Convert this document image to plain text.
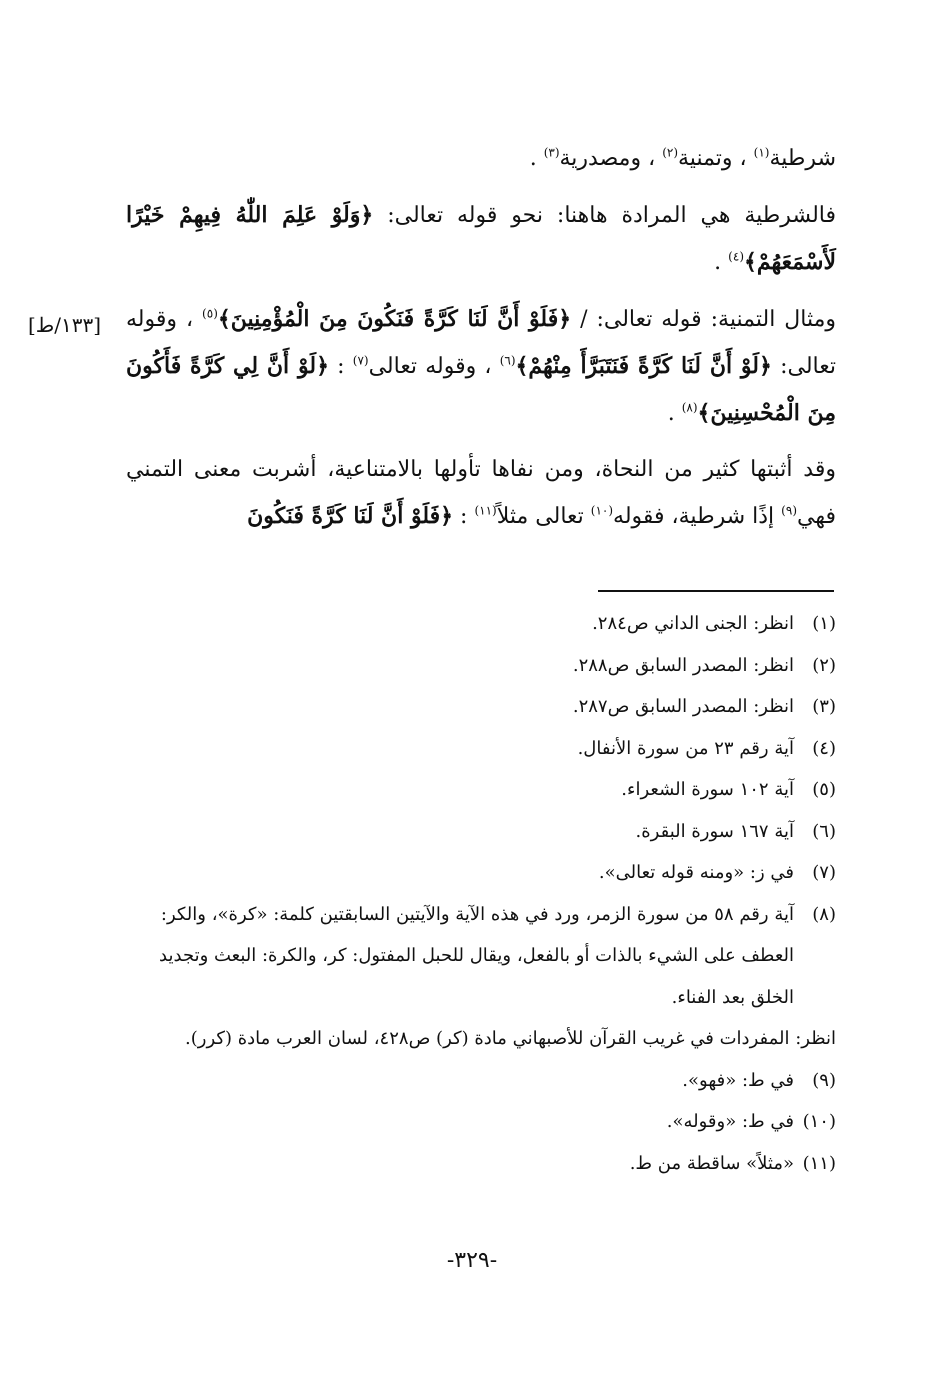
[١٣٣/ط]

شرطية$^{(١)}$ ، وتمنية$^{(٢)}$ ، ومصدرية$^{(٣)}$ .

فالشرطية هي المرادة هاهنا: نحو قوله تعالى: ﴿وَلَوْ عَلِمَ اللّٰهُ فِيهِمْ خَيْرًا لَأَسْمَعَهُمْ﴾$^{(٤)}$ .

ومثال التمنية: قوله تعالى: / ﴿فَلَوْ أَنَّ لَنَا كَرَّةً فَنَكُونَ مِنَ الْمُؤْمِنِينَ﴾$^{(٥)}$ ، وقوله تعالى: ﴿لَوْ أَنَّ لَنَا كَرَّةً فَنَتَبَرَّأَ مِنْهُمْ﴾$^{(٦)}$ ، وقوله تعالى$^{(٧)}$ : ﴿لَوْ أَنَّ لِي كَرَّةً فَأَكُونَ مِنَ الْمُحْسِنِينَ﴾$^{(٨)}$ .

وقد أثبتها كثير من النحاة، ومن نفاها تأولها بالامتناعية، أشربت معنى التمني فهي$^{(٩)}$ إذًا شرطية، فقوله$^{(١٠)}$ تعالى مثلاً$^{(١١)}$ : ﴿فَلَوْ أَنَّ لَنَا كَرَّةً فَنَكُونَ

(١)
انظر: الجنى الداني ص٢٨٤.
(٢)
انظر: المصدر السابق ص٢٨٨.
(٣)
انظر: المصدر السابق ص٢٨٧.
(٤)
آية رقم ٢٣ من سورة الأنفال.
(٥)
آية ١٠٢ سورة الشعراء.
(٦)
آية ١٦٧ سورة البقرة.
(٧)
في ز: «ومنه قوله تعالى».
(٨)
آية رقم ٥٨ من سورة الزمر، ورد في هذه الآية والآيتين السابقتين كلمة: «كرة»، والكر: العطف على الشيء بالذات أو بالفعل، ويقال للحبل المفتول: كر، والكرة: البعث وتجديد الخلق بعد الفناء.
انظر: المفردات في غريب القرآن للأصبهاني مادة (كر) ص٤٢٨، لسان العرب مادة (كرر).
(٩)
في ط: «فهو».
(١٠)
في ط: «وقوله».
(١١)
«مثلاً» ساقطة من ط.
-٣٢٩-
